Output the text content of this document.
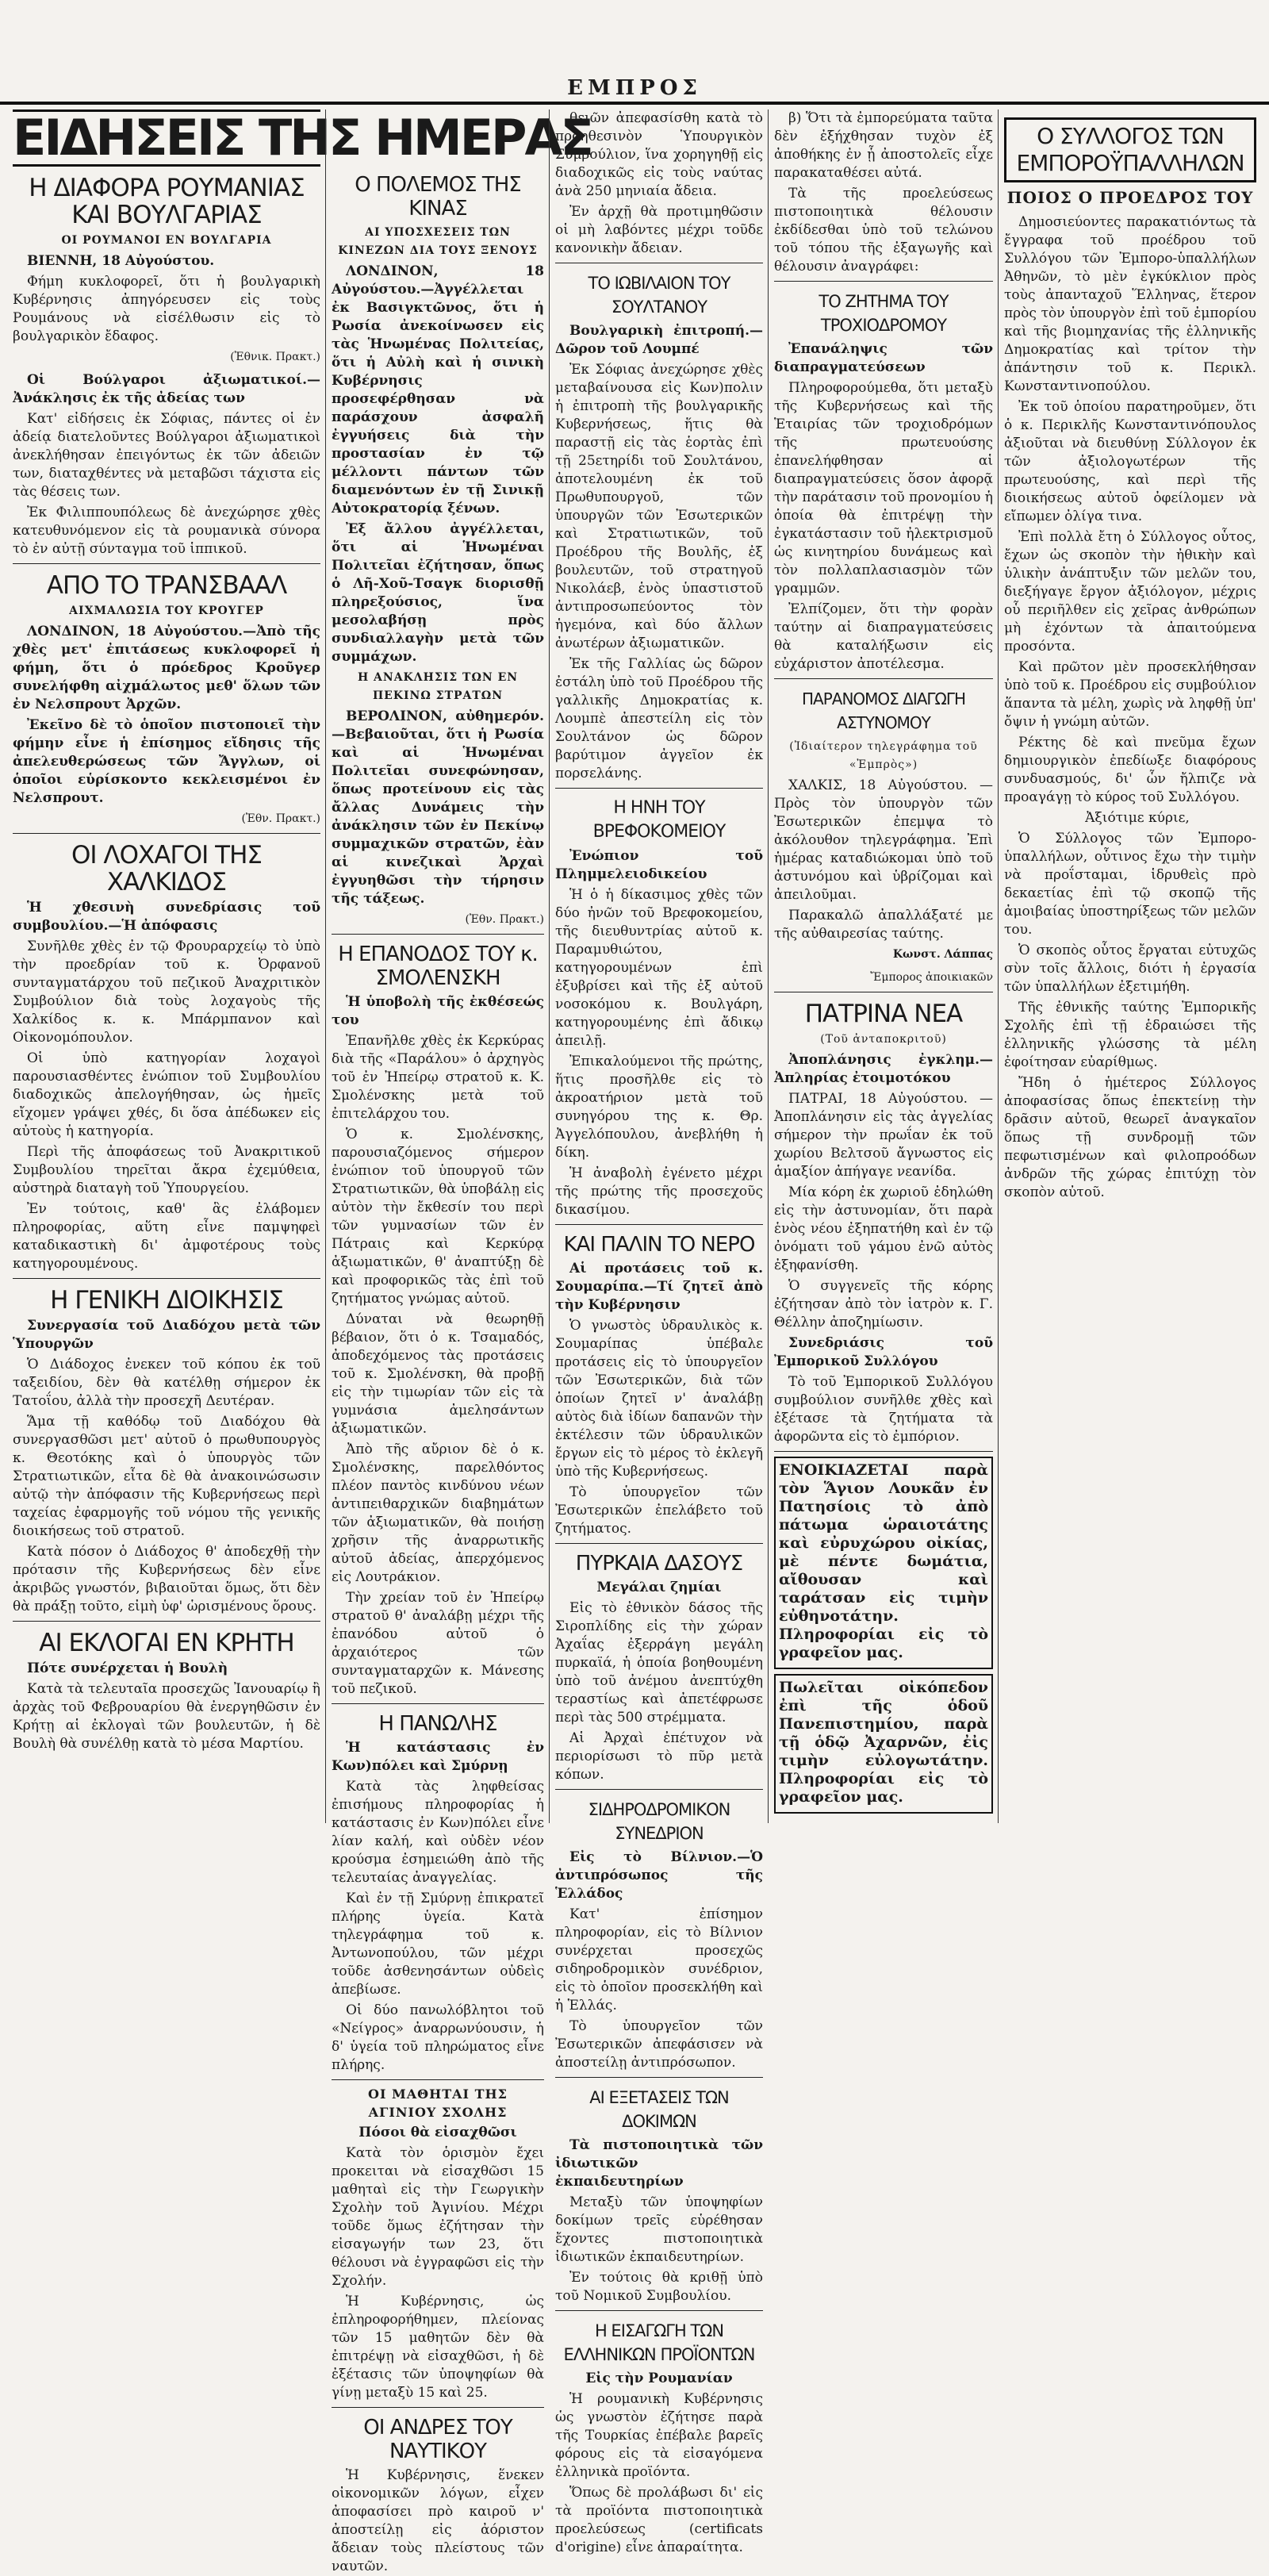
ΕΜΠΡΟΣ
ΕΙΔΗΣΕΙΣ ΤΗΣ ΗΜΕΡΑΣ
Η ΔΙΑΦΟΡΑ ΡΟΥΜΑΝΙΑΣ ΚΑΙ ΒΟΥΛΓΑΡΙΑΣ
ΟΙ ΡΟΥΜΑΝΟΙ ΕΝ ΒΟΥΛΓΑΡΙΑ

ΒΙΕΝΝΗ, 18 Αὐγούστου.

Φήμη κυκλοφορεῖ, ὅτι ἡ βουλγαρικὴ Κυβέρνησις ἀπηγόρευσεν εἰς τοὺς Ρουμάνους νὰ εἰσέλθωσιν εἰς τὸ βουλγαρικὸν ἔδαφος.

(Ἐθνικ. Πρακτ.)

Οἱ Βούλγαροι ἀξιωματικοί.— Ἀνάκλησις ἐκ τῆς ἀδείας των

Κατ' εἰδήσεις ἐκ Σόφιας, πάντες οἱ ἐν ἀδείᾳ διατελοῦντες Βούλγαροι ἀξιωματικοὶ ἀνεκλήθησαν ἐπειγόντως ἐκ τῶν ἀδειῶν των, διαταχθέντες νὰ μεταβῶσι τάχιστα εἰς τὰς θέσεις των.

Ἐκ Φιλιππουπόλεως δὲ ἀνεχώρησε χθὲς κατευθυνόμενον εἰς τὰ ρουμανικὰ σύνορα τὸ ἐν αὐτῇ σύνταγμα τοῦ ἱππικοῦ.

ΑΠΟ ΤΟ ΤΡΑΝΣΒΑΑΛ
ΑΙΧΜΑΛΩΣΙΑ ΤΟΥ ΚΡΟΥΓΕΡ

ΛΟΝΔΙΝΟΝ, 18 Αὐγούστου.—Ἀπὸ τῆς χθὲς μετ' ἐπιτάσεως κυκλοφορεῖ ἡ φήμη, ὅτι ὁ πρόεδρος Κροῦγερ συνελήφθη αἰχμάλωτος μεθ' ὅλων τῶν ἐν Νελσπρουτ Ἀρχῶν.

Ἐκεῖνο δὲ τὸ ὁποῖον πιστοποιεῖ τὴν φήμην εἶνε ἡ ἐπίσημος εἴδησις τῆς ἀπελευθερώσεως τῶν Ἄγγλων, οἱ ὁποῖοι εὑρίσκοντο κεκλεισμένοι ἐν Νελσπρουτ.

(Ἐθν. Πρακτ.)
ΟΙ ΛΟΧΑΓΟΙ ΤΗΣ ΧΑΛΚΙΔΟΣ

Ἡ χθεσινὴ συνεδρίασις τοῦ συμβουλίου.—Ἡ ἀπόφασις

Συνῆλθε χθὲς ἐν τῷ Φρουραρχείῳ τὸ ὑπὸ τὴν προεδρίαν τοῦ κ. Ὀρφανοῦ συνταγματάρχου τοῦ πεζικοῦ Ἀναχριτικὸν Συμβούλιον διὰ τοὺς λοχαγοὺς τῆς Χαλκίδος κ. κ. Μπάρμπανον καὶ Οἰκονομόπουλον.

Οἱ ὑπὸ κατηγορίαν λοχαγοὶ παρουσιασθέντες ἐνώπιον τοῦ Συμβουλίου διαδοχικῶς ἀπελογήθησαν, ὡς ἡμεῖς εἴχομεν γράψει χθές, δι ὅσα ἀπέδωκεν εἰς αὐτοὺς ἡ κατηγορία.

Περὶ τῆς ἀποφάσεως τοῦ Ἀνακριτικοῦ Συμβουλίου τηρεῖται ἄκρα ἐχεμύθεια, αὐστηρὰ διαταγὴ τοῦ Ὑπουργείου.

Ἐν τούτοις, καθ' ἃς ἐλάβομεν πληροφορίας, αὕτη εἶνε παμψηφεὶ καταδικαστικὴ δι' ἀμφοτέρους τοὺς κατηγορουμένους.

Η ΓΕΝΙΚΗ ΔΙΟΙΚΗΣΙΣ

Συνεργασία τοῦ Διαδόχου μετὰ τῶν Ὑπουργῶν

Ὁ Διάδοχος ἐνεκεν τοῦ κόπου ἐκ τοῦ ταξειδίου, δὲν θὰ κατέλθῃ σήμερον ἐκ Τατοΐου, ἀλλὰ τὴν προσεχῆ Δευτέραν.

Ἅμα τῇ καθόδῳ τοῦ Διαδόχου θὰ συνεργασθῶσι μετ' αὐτοῦ ὁ πρωθυπουργὸς κ. Θεοτόκης καὶ ὁ ὑπουργὸς τῶν Στρατιωτικῶν, εἶτα δὲ θὰ ἀνακοινώσωσιν αὐτῷ τὴν ἀπόφασιν τῆς Κυβερνήσεως περὶ ταχείας ἐφαρμογῆς τοῦ νόμου τῆς γενικῆς διοικήσεως τοῦ στρατοῦ.

Κατὰ πόσον ὁ Διάδοχος θ' ἀποδεχθῇ τὴν πρότασιν τῆς Κυβερνήσεως δὲν εἶνε ἀκριβῶς γνωστόν, βιβαιοῦται ὅμως, ὅτι δὲν θὰ πράξῃ τοῦτο, εἰμὴ ὑφ' ὡρισμένους ὅρους.

ΑΙ ΕΚΛΟΓΑΙ ΕΝ ΚΡΗΤΗ

Πότε συνέρχεται ἡ Βουλὴ

Κατὰ τὰ τελευταῖα προσεχῶς Ἰανουαρίῳ ἢ ἀρχὰς τοῦ Φεβρουαρίου θὰ ἐνεργηθῶσιν ἐν Κρήτῃ αἱ ἐκλογαὶ τῶν βουλευτῶν, ἡ δὲ Βουλὴ θὰ συνέλθῃ κατὰ τὸ μέσα Μαρτίου.

Ο ΠΟΛΕΜΟΣ ΤΗΣ ΚΙΝΑΣ
ΑΙ ΥΠΟΣΧΕΣΕΙΣ ΤΩΝ ΚΙΝΕΖΩΝ ΔΙΑ ΤΟΥΣ ΞΕΝΟΥΣ

ΛΟΝΔΙΝΟΝ, 18 Αὐγούστου.—Ἀγγέλλεται ἐκ Βασιγκτῶνος, ὅτι ἡ Ρωσία ἀνεκοίνωσεν εἰς τὰς Ἡνωμένας Πολιτείας, ὅτι ἡ Αὐλὴ καὶ ἡ σινικὴ Κυβέρνησις προσεφέρθησαν νὰ παράσχουν ἀσφαλῆ ἐγγυήσεις διὰ τὴν προστασίαν ἐν τῷ μέλλοντι πάντων τῶν διαμενόντων ἐν τῇ Σινικῇ Αὐτοκρατορίᾳ ξένων.

Ἐξ ἄλλου ἀγγέλλεται, ὅτι αἱ Ἡνωμέναι Πολιτεῖαι ἐζήτησαν, ὅπως ὁ Λῆ-Χοῦ-Τσαγκ διορισθῇ πληρεξούσιος, ἵνα μεσολαβήσῃ πρὸς συνδιαλλαγὴν μετὰ τῶν συμμάχων.

Η ΑΝΑΚΛΗΣΙΣ ΤΩΝ ΕΝ ΠΕΚΙΝΩ ΣΤΡΑΤΩΝ

ΒΕΡΟΛΙΝΟΝ, αὐθημερόν.—Βεβαιοῦται, ὅτι ἡ Ρωσία καὶ αἱ Ἡνωμέναι Πολιτεῖαι συνεφώνησαν, ὅπως προτείνουν εἰς τὰς ἄλλας Δυνάμεις τὴν ἀνάκλησιν τῶν ἐν Πεκίνῳ συμμαχικῶν στρατῶν, ἐὰν αἱ κινεζικαὶ Ἀρχαὶ ἐγγυηθῶσι τὴν τήρησιν τῆς τάξεως.

(Ἐθν. Πρακτ.)
Η ΕΠΑΝΟΔΟΣ ΤΟΥ κ. ΣΜΟΛΕΝΣΚΗ

Ἡ ὑποβολὴ τῆς ἐκθέσεώς του

Ἐπανῆλθε χθὲς ἐκ Κερκύρας διὰ τῆς «Παράλου» ὁ ἀρχηγὸς τοῦ ἐν Ἠπείρῳ στρατοῦ κ. Κ. Σμολένσκης μετὰ τοῦ ἐπιτελάρχου του.

Ὁ κ. Σμολένσκης, παρουσιαζόμενος σήμερον ἐνώπιον τοῦ ὑπουργοῦ τῶν Στρατιωτικῶν, θὰ ὑποβάλῃ εἰς αὐτὸν τὴν ἔκθεσίν του περὶ τῶν γυμνασίων τῶν ἐν Πάτραις καὶ Κερκύρᾳ ἀξιωματικῶν, θ' ἀναπτύξῃ δὲ καὶ προφορικῶς τὰς ἐπὶ τοῦ ζητήματος γνώμας αὐτοῦ.

Δύναται νὰ θεωρηθῇ βέβαιον, ὅτι ὁ κ. Τσαμαδός, ἀποδεχόμενος τὰς προτάσεις τοῦ κ. Σμολένσκη, θὰ προβῇ εἰς τὴν τιμωρίαν τῶν εἰς τὰ γυμνάσια ἀμελησάντων ἀξιωματικῶν.

Ἀπὸ τῆς αὔριον δὲ ὁ κ. Σμολένσκης, παρελθόντος πλέον παντὸς κινδύνου νέων ἀντιπειθαρχικῶν διαβημάτων τῶν ἀξιωματικῶν, θὰ ποιήσῃ χρῆσιν τῆς ἀναρρωτικῆς αὑτοῦ ἀδείας, ἀπερχόμενος εἰς Λουτράκιον.

Τὴν χρείαν τοῦ ἐν Ἠπείρῳ στρατοῦ θ' ἀναλάβῃ μέχρι τῆς ἐπανόδου αὐτοῦ ὁ ἀρχαιότερος τῶν συνταγματαρχῶν κ. Μάνεσης τοῦ πεζικοῦ.

Η ΠΑΝΩΛΗΣ

Ἡ κατάστασις ἐν Κων)πόλει καὶ Σμύρνῃ

Κατὰ τὰς ληφθείσας ἐπισήμους πληροφορίας ἡ κατάστασις ἐν Κων)πόλει εἶνε λίαν καλή, καὶ οὐδὲν νέον κρούσμα ἐσημειώθη ἀπὸ τῆς τελευταίας ἀναγγελίας.

Καὶ ἐν τῇ Σμύρνῃ ἐπικρατεῖ πλήρης ὑγεία. Κατὰ τηλεγράφημα τοῦ κ. Ἀντωνοπούλου, τῶν μέχρι τοῦδε ἀσθενησάντων οὐδεὶς ἀπεβίωσε.

Οἱ δύο πανωλόβλητοι τοῦ «Νείγρος» ἀναρρωνύουσιν, ἡ δ' ὑγεία τοῦ πληρώματος εἶνε πλήρης.

ΟΙ ΜΑΘΗΤΑΙ ΤΗΣ ΑΓΙΝΙΟΥ ΣΧΟΛΗΣ

Πόσοι θὰ εἰσαχθῶσι

Κατὰ τὸν ὁρισμὸν ἔχει προκειται νὰ εἰσαχθῶσι 15 μαθηταὶ εἰς τὴν Γεωργικὴν Σχολὴν τοῦ Ἀγινίου. Μέχρι τοῦδε ὅμως ἐζήτησαν τὴν εἰσαγωγήν των 23, ὅτι θέλουσι νὰ ἐγγραφῶσι εἰς τὴν Σχολήν.

Ἡ Κυβέρνησις, ὡς ἐπληροφορήθημεν, πλείονας τῶν 15 μαθητῶν δὲν θὰ ἐπιτρέψῃ νὰ εἰσαχθῶσι, ἡ δὲ ἐξέτασις τῶν ὑποψηφίων θὰ γίνῃ μεταξὺ 15 καὶ 25.

ΟΙ ΑΝΔΡΕΣ ΤΟΥ ΝΑΥΤΙΚΟΥ

Ἡ Κυβέρνησις, ἕνεκεν οἰκονομικῶν λόγων, εἶχεν ἀποφασίσει πρὸ καιροῦ ν' ἀποστείλῃ εἰς ἀόριστον ἄδειαν τοὺς πλείστους τῶν ναυτῶν.

θειῶν ἀπεφασίσθη κατὰ τὸ προηθεσινὸν Ὑπουργικὸν Συμβούλιον, ἵνα χορηγηθῇ εἰς διαδοχικῶς εἰς τοὺς ναύτας ἀνὰ 250 μηνιαία ἄδεια.

Ἐν ἀρχῇ θὰ προτιμηθῶσιν οἱ μὴ λαβόντες μέχρι τοῦδε κανονικὴν ἄδειαν.

ΤΟ ΙΩΒΙΛΑΙΟΝ ΤΟΥ ΣΟΥΛΤΑΝΟΥ

Βουλγαρικὴ ἐπιτροπή.—Δῶρον τοῦ Λουμπέ

Ἐκ Σόφιας ἀνεχώρησε χθὲς μεταβαίνουσα εἰς Κων)πολιν ἡ ἐπιτροπὴ τῆς βουλγαρικῆς Κυβερνήσεως, ἥτις θὰ παραστῇ εἰς τὰς ἑορτὰς ἐπὶ τῇ 25ετηρίδι τοῦ Σουλτάνου, ἀποτελουμένη ἐκ τοῦ Πρωθυπουργοῦ, τῶν ὑπουργῶν τῶν Ἐσωτερικῶν καὶ Στρατιωτικῶν, τοῦ Προέδρου τῆς Βουλῆς, ἐξ βουλευτῶν, τοῦ στρατηγοῦ Νικολάεβ, ἑνὸς ὑπαστιστοῦ ἀντιπροσωπεύοντος τὸν ἡγεμόνα, καὶ δύο ἄλλων ἀνωτέρων ἀξιωματικῶν.

Ἐκ τῆς Γαλλίας ὡς δῶρον ἐστάλη ὑπὸ τοῦ Προέδρου τῆς γαλλικῆς Δημοκρατίας κ. Λουμπὲ ἀπεστείλη εἰς τὸν Σουλτάνον ὡς δῶρον βαρύτιμον ἀγγεῖον ἐκ πορσελάνης.

Η ΗΝΗ ΤΟΥ ΒΡΕΦΟΚΟΜΕΙΟΥ

Ἐνώπιον τοῦ Πλημμελειοδικείου

Ἡ ὁ ἡ δίκασιμος χθὲς τῶν δύο ἠνῶν τοῦ Βρεφοκομείου, τῆς διευθυντρίας αὐτοῦ κ. Παραμυθιώτου, κατηγορουμένων ἐπὶ ἐξυβρίσει καὶ τῆς ἐξ αὐτοῦ νοσοκόμου κ. Βουλγάρη, κατηγορουμένης ἐπὶ ἄδικῳ ἀπειλῇ.

Ἐπικαλούμενοι τῆς πρώτης, ἥτις προσῆλθε εἰς τὸ ἀκροατήριον μετὰ τοῦ συνηγόρου της κ. Θρ. Ἀγγελόπουλου, ἀνεβλήθη ἡ δίκη.

Ἡ ἀναβολὴ ἐγένετο μέχρι τῆς πρώτης τῆς προσεχοῦς δικασίμου.

ΚΑΙ ΠΑΛΙΝ ΤΟ ΝΕΡΟ

Αἱ προτάσεις τοῦ κ. Σουμαρίπα.—Τί ζητεῖ ἀπὸ τὴν Κυβέρνησιν

Ὁ γνωστὸς ὑδραυλικὸς κ. Σουμαρίπας ὑπέβαλε προτάσεις εἰς τὸ ὑπουργεῖον τῶν Ἐσωτερικῶν, διὰ τῶν ὁποίων ζητεῖ ν' ἀναλάβῃ αὐτὸς διὰ ἰδίων δαπανῶν τὴν ἐκτέλεσιν τῶν ὑδραυλικῶν ἔργων εἰς τὸ μέρος τὸ ἐκλεγῆ ὑπὸ τῆς Κυβερνήσεως.

Τὸ ὑπουργεῖον τῶν Ἐσωτερικῶν ἐπελάβετο τοῦ ζητήματος.

ΠΥΡΚΑΙΑ ΔΑΣΟΥΣ

Μεγάλαι ζημίαι

Εἰς τὸ ἐθνικὸν δάσος τῆς Σιροπλίδης εἰς τὴν χώραν Ἀχαΐας ἐξερράγη μεγάλη πυρκαϊά, ἡ ὁποία βοηθουμένη ὑπὸ τοῦ ἀνέμου ἀνεπτύχθη τεραστίως καὶ ἀπετέφρωσε περὶ τὰς 500 στρέμματα.

Αἱ Ἀρχαὶ ἐπέτυχον νὰ περιορίσωσι τὸ πῦρ μετὰ κόπων.

ΣΙΔΗΡΟΔΡΟΜΙΚΟΝ ΣΥΝΕΔΡΙΟΝ

Εἰς τὸ Βίλνιον.—Ὁ ἀντιπρόσωπος τῆς Ἑλλάδος

Κατ' ἐπίσημον πληροφορίαν, εἰς τὸ Βίλνιον συνέρχεται προσεχῶς σιδηροδρομικὸν συνέδριον, εἰς τὸ ὁποῖον προσεκλήθη καὶ ἡ Ἑλλάς.

Τὸ ὑπουργεῖον τῶν Ἐσωτερικῶν ἀπεφάσισεν νὰ ἀποστείλῃ ἀντιπρόσωπον.

ΑΙ ΕΞΕΤΑΣΕΙΣ ΤΩΝ ΔΟΚΙΜΩΝ

Τὰ πιστοποιητικὰ τῶν ἰδιωτικῶν ἐκπαιδευτηρίων

Μεταξὺ τῶν ὑποψηφίων δοκίμων τρεῖς εὑρέθησαν ἔχοντες πιστοποιητικὰ ἰδιωτικῶν ἐκπαιδευτηρίων.

Ἐν τούτοις θὰ κριθῇ ὑπὸ τοῦ Νομικοῦ Συμβουλίου.

Η ΕΙΣΑΓΩΓΗ ΤΩΝ ΕΛΛΗΝΙΚΩΝ ΠΡΟΪΟΝΤΩΝ

Εἰς τὴν Ρουμανίαν

Ἡ ρουμανικὴ Κυβέρνησις ὡς γνωστὸν ἐζήτησε παρὰ τῆς Τουρκίας ἐπέβαλε βαρεῖς φόρους εἰς τὰ εἰσαγόμενα ἐλληνικὰ προϊόντα.

Ὅπως δὲ προλάβωσι δι' εἰς τὰ προϊόντα πιστοποιητικὰ προελεύσεως (certificats d'origine) εἶνε ἀπαραίτητα.

β) Ὅτι τὰ ἐμπορεύματα ταῦτα δὲν ἐξήχθησαν τυχὸν ἐξ ἀποθήκης ἐν ᾗ ἀποστολεῖς εἶχε παρακαταθέσει αὐτά.

Τὰ τῆς προελεύσεως πιστοποιητικὰ θέλουσιν ἐκδίδεσθαι ὑπὸ τοῦ τελώνου τοῦ τόπου τῆς ἐξαγωγῆς καὶ θέλουσιν ἀναγράφει:

ΤΟ ΖΗΤΗΜΑ ΤΟΥ ΤΡΟΧΙΟΔΡΟΜΟΥ

Ἐπανάληψις τῶν διαπραγματεύσεων

Πληροφορούμεθα, ὅτι μεταξὺ τῆς Κυβερνήσεως καὶ τῆς Ἑταιρίας τῶν τροχιοδρόμων τῆς πρωτευούσης ἐπανελήφθησαν αἱ διαπραγματεύσεις ὅσον ἀφορᾷ τὴν παράτασιν τοῦ προνομίου ἡ ὁποία θὰ ἐπιτρέψῃ τὴν ἐγκατάστασιν τοῦ ἠλεκτρισμοῦ ὡς κινητηρίου δυνάμεως καὶ τὸν πολλαπλασιασμὸν τῶν γραμμῶν.

Ἐλπίζομεν, ὅτι τὴν φορὰν ταύτην αἱ διαπραγματεύσεις θὰ καταλήξωσιν εἰς εὐχάριστον ἀποτέλεσμα.

ΠΑΡΑΝΟΜΟΣ ΔΙΑΓΩΓΗ ΑΣΤΥΝΟΜΟΥ
(Ἰδιαίτερον τηλεγράφημα τοῦ «Ἐμπρὸς»)

ΧΑΛΚΙΣ, 18 Αὐγούστου. — Πρὸς τὸν ὑπουργὸν τῶν Ἐσωτερικῶν ἐπεμψα τὸ ἀκόλουθον τηλεγράφημα. Ἐπὶ ἡμέρας καταδιώκομαι ὑπὸ τοῦ ἀστυνόμου καὶ ὑβρίζομαι καὶ ἀπειλοῦμαι.

Παρακαλῶ ἀπαλλάξατέ με τῆς αὐθαιρεσίας ταύτης.

Κωνστ. Λάππας
Ἔμπορος ἀποικιακῶν
ΠΑΤΡΙΝΑ ΝΕΑ
(Τοῦ ἀνταποκριτοῦ)

Ἀποπλάνησις ἐγκλημ.—Ἀπληρίας ἐτοιμοτόκου

ΠΑΤΡΑΙ, 18 Αὐγούστου. — Ἀποπλάνησιν εἰς τὰς ἀγγελίας σήμερον τὴν πρωΐαν ἐκ τοῦ χωρίου Βελτσοῦ ἄγνωστος εἰς ἁμαξίον ἀπήγαγε νεανίδα.

Μία κόρη ἐκ χωριοῦ ἐδηλώθη εἰς τὴν ἀστυνομίαν, ὅτι παρὰ ἑνὸς νέου ἐξηπατήθη καὶ ἐν τῷ ὀνόματι τοῦ γάμου ἐνῶ αὐτὸς ἐξηφανίσθη.

Ὁ συγγενεῖς τῆς κόρης ἐζήτησαν ἀπὸ τὸν ἱατρὸν κ. Γ. Θέλλην ἀποζημίωσιν.

Συνεδριάσις τοῦ Ἐμπορικοῦ Συλλόγου

Τὸ τοῦ Ἐμπορικοῦ Συλλόγου συμβούλιον συνῆλθε χθὲς καὶ ἐξέτασε τὰ ζητήματα τὰ ἀφορῶντα εἰς τὸ ἐμπόριον.

ΕΝΟΙΚΙΑΖΕΤΑΙ παρὰ τὸν Ἅγιον Λουκᾶν ἐν Πατησίοις τὸ ἀπὸ πάτωμα ὡραιοτάτης καὶ εὐρυχώρου οἰκίας, μὲ πέντε δωμάτια, αἴθουσαν καὶ ταράτσαν εἰς τιμὴν εὐθηνοτάτην. Πληροφορίαι εἰς τὸ γραφεῖον μας.

Πωλεῖται οἰκόπεδον ἐπὶ τῆς ὁδοῦ Πανεπιστημίου, παρὰ τῇ ὁδῷ Ἀχαρνῶν, ἐἰς τιμὴν εὐλογωτάτην. Πληροφορίαι εἰς τὸ γραφεῖον μας.

Ο ΣΥΛΛΟΓΟΣ ΤΩΝ ΕΜΠΟΡΟΫΠΑΛΛΗΛΩΝ
ΠΟΙΟΣ Ο ΠΡΟΕΔΡΟΣ ΤΟΥ

Δημοσιεύοντες παρακατιόντως τὰ ἔγγραφα τοῦ προέδρου τοῦ Συλλόγου τῶν Ἐμπορο-ὑπαλλήλων Ἀθηνῶν, τὸ μὲν ἐγκύκλιον πρὸς τοὺς ἀπανταχοῦ Ἕλληνας, ἕτερον πρὸς τὸν ὑπουργὸν ἐπὶ τοῦ ἐμπορίου καὶ τῆς βιομηχανίας τῆς ἐλληνικῆς Δημοκρατίας καὶ τρίτον τὴν ἀπάντησιν τοῦ κ. Περικλ. Κωνσταντινοπούλου.

Ἐκ τοῦ ὁποίου παρατηροῦμεν, ὅτι ὁ κ. Περικλῆς Κωνσταντινόπουλος ἀξιοῦται νὰ διευθύνῃ Σύλλογον ἐκ τῶν ἀξιολογωτέρων τῆς πρωτευούσης, καὶ περὶ τῆς διοικήσεως αὐτοῦ ὀφείλομεν νὰ εἴπωμεν ὀλίγα τινα.

Ἐπὶ πολλὰ ἔτη ὁ Σύλλογος οὗτος, ἔχων ὡς σκοπὸν τὴν ἠθικὴν καὶ ὑλικὴν ἀνάπτυξιν τῶν μελῶν του, διεξήγαγε ἔργον ἀξιόλογον, μέχρις οὗ περιῆλθεν εἰς χεῖρας ἀνθρώπων μὴ ἐχόντων τὰ ἀπαιτούμενα προσόντα.

Καὶ πρῶτον μὲν προσεκλήθησαν ὑπὸ τοῦ κ. Προέδρου εἰς συμβούλιον ἅπαντα τὰ μέλη, χωρὶς νὰ ληφθῇ ὑπ' ὄψιν ἡ γνώμη αὐτῶν.

Ρέκτης δὲ καὶ πνεῦμα ἔχων δημιουργικὸν ἐπεδίωξε διαφόρους συνδυασμούς, δι' ὧν ἤλπιζε νὰ προαγάγῃ τὸ κύρος τοῦ Συλλόγου.

Ἀξιότιμε κύριε,

Ὁ Σύλλογος τῶν Ἐμπορο-ὑπαλλήλων, οὗτινος ἔχω τὴν τιμὴν νὰ προΐσταμαι, ἱδρυθεὶς πρὸ δεκαετίας ἐπὶ τῷ σκοπῷ τῆς ἀμοιβαίας ὑποστηρίξεως τῶν μελῶν του.

Ὁ σκοπὸς οὗτος ἔργαται εὐτυχῶς σὺν τοῖς ἄλλοις, διότι ἡ ἐργασία τῶν ὑπαλλήλων ἐξετιμήθη.

Τῆς ἐθνικῆς ταύτης Ἐμπορικῆς Σχολῆς ἐπὶ τῇ ἑδραιώσει τῆς ἑλληνικῆς γλώσσης τὰ μέλη ἐφοίτησαν εὐαρίθμως.

Ἤδη ὁ ἡμέτερος Σύλλογος ἀποφασίσας ὅπως ἐπεκτείνῃ τὴν δρᾶσιν αὐτοῦ, θεωρεῖ ἀναγκαῖον ὅπως τῇ συνδρομῇ τῶν πεφωτισμένων καὶ φιλοπροόδων ἀνδρῶν τῆς χώρας ἐπιτύχῃ τὸν σκοπὸν αὐτοῦ.
